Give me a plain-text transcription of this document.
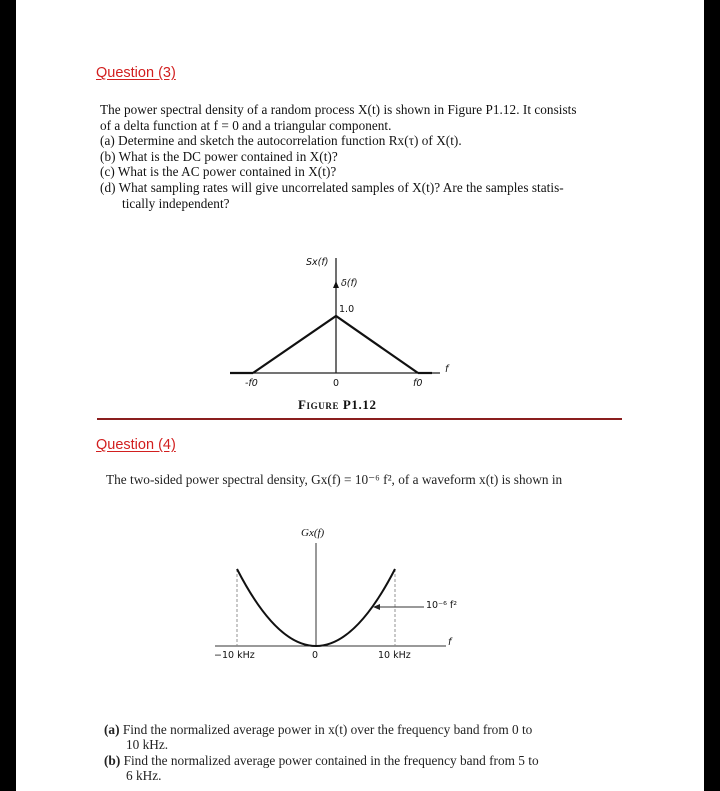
Question (3)
The power spectral density of a random process X(t) is shown in Figure P1.12. It consists
of a delta function at f = 0 and a triangular component.
(a) Determine and sketch the autocorrelation function Rx(τ) of X(t).
(b) What is the DC power contained in X(t)?
(c) What is the AC power contained in X(t)?
(d) What sampling rates will give uncorrelated samples of X(t)? Are the samples statis-
tically independent?
Sx(f)
δ(f)
1.0
f
-f0	0	f0
Figure P1.12
Question (4)
The two-sided power spectral density, Gx(f) = 10⁻⁶ f², of a waveform x(t) is shown in
Gx(f)
10⁻⁶ f²
f
−10 kHz	0	10 kHz
(a) Find the normalized average power in x(t) over the frequency band from 0 to
10 kHz.
(b) Find the normalized average power contained in the frequency band from 5 to
6 kHz.
